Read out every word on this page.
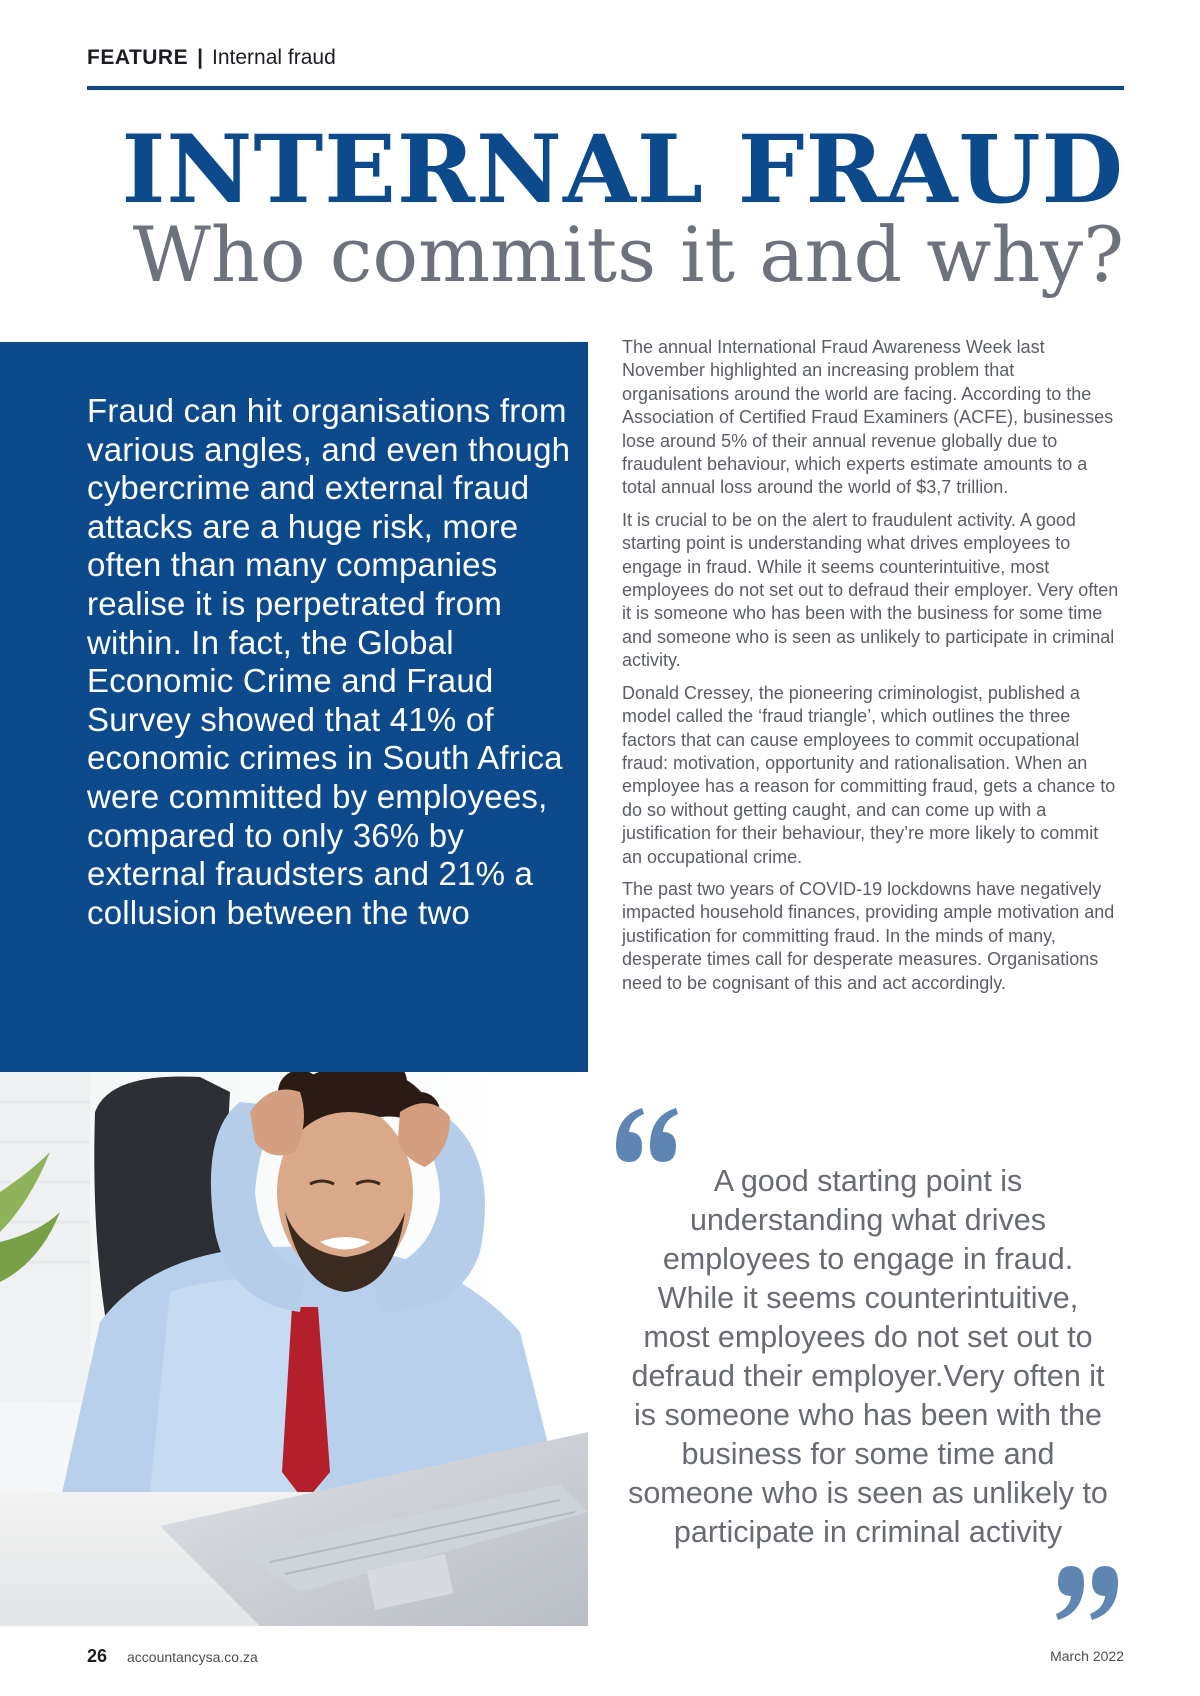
FEATURE | Internal fraud
INTERNAL FRAUD
Who commits it and why?
Fraud can hit organisations from various angles, and even though cybercrime and external fraud attacks are a huge risk, more often than many companies realise it is perpetrated from within. In fact, the Global Economic Crime and Fraud Survey showed that 41% of economic crimes in South Africa were committed by employees, compared to only 36% by external fraudsters and 21% a collusion between the two

The annual International Fraud Awareness Week last November highlighted an increasing problem that organisations around the world are facing. According to the Association of Certified Fraud Examiners (ACFE), businesses lose around 5% of their annual revenue globally due to fraudulent behaviour, which experts estimate amounts to a total annual loss around the world of $3,7 trillion.

It is crucial to be on the alert to fraudulent activity. A good starting point is understanding what drives employees to engage in fraud. While it seems counterintuitive, most employees do not set out to defraud their employer. Very often it is someone who has been with the business for some time and someone who is seen as unlikely to participate in criminal activity.

Donald Cressey, the pioneering criminologist, published a model called the ‘fraud triangle’, which outlines the three factors that can cause employees to commit occupational fraud: motivation, opportunity and rationalisation. When an employee has a reason for committing fraud, gets a chance to do so without getting caught, and can come up with a justification for their behaviour, they’re more likely to commit an occupational crime.

The past two years of COVID-19 lockdowns have negatively impacted household finances, providing ample motivation and justification for committing fraud. In the minds of many, desperate times call for desperate measures. Organisations need to be cognisant of this and act accordingly.

A good starting point is understanding what drives employees to engage in fraud. While it seems counterintuitive, most employees do not set out to defraud their employer.Very often it is someone who has been with the business for some time and someone who is seen as unlikely to participate in criminal activity
26 accountancysa.co.za	March 2022
